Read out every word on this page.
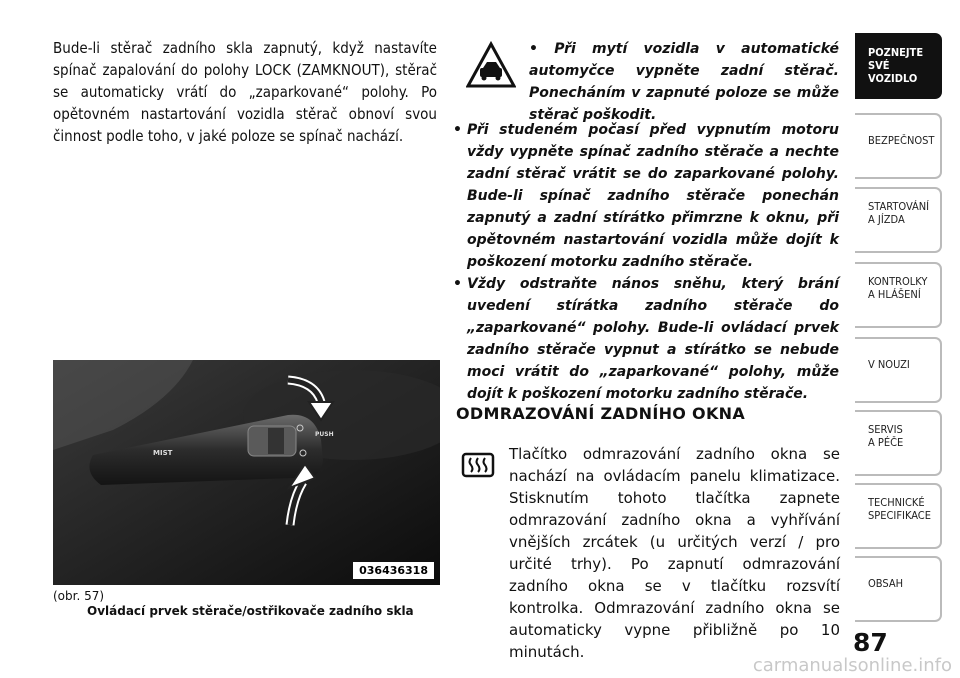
Bude-li stěrač zadního skla zapnutý, když nastavíte spínač zapalování do polohy LOCK (ZAMKNOUT), stěrač se automaticky vrátí do „zaparkované“ polohy. Po opětovném nastartování vozidla stěrač obnoví svou činnost podle toho, v jaké poloze se spínač nachází.

MIST
PUSH
036436318
(obr. 57)
Ovládací prvek stěrače/ostřikovače zadního skla
• Při mytí vozidla v automatické automyčce vypněte zadní stěrač. Ponecháním v zapnuté poloze se může stěrač poškodit.
• Při studeném počasí před vypnutím motoru vždy vypněte spínač zadního stěrače a nechte zadní stěrač vrátit se do zaparkované polohy. Bude-li spínač zadního stěrače ponechán zapnutý a zadní stírátko přimrzne k oknu, při opětovném nastartování vozidla může dojít k poškození motorku zadního stěrače.
• Vždy odstraňte nános sněhu, který brání uvedení stírátka zadního stěrače do „zaparkované“ polohy. Bude-li ovládací prvek zadního stěrače vypnut a stírátko se nebude moci vrátit do „zaparkované“ polohy, může dojít k poškození motorku zadního stěrače.
ODMRAZOVÁNÍ ZADNÍHO OKNA

Tlačítko odmrazování zadního okna se nachází na ovládacím panelu klimatizace. Stisknutím tohoto tlačítka zapnete odmrazování zadního okna a vyhřívání vnějších zrcátek (u určitých verzí / pro určité trhy). Po zapnutí odmrazování zadního okna se v tlačítku rozsvítí kontrolka. Odmrazování zadního okna se automaticky vypne přibližně po 10 minutách.

POZNEJTE
SVÉ VOZIDLO
BEZPEČNOST
STARTOVÁNÍ
A JÍZDA
KONTROLKY
A HLÁŠENÍ
V NOUZI
SERVIS
A PÉČE
TECHNICKÉ
SPECIFIKACE
OBSAH
87
carmanualsonline.info
